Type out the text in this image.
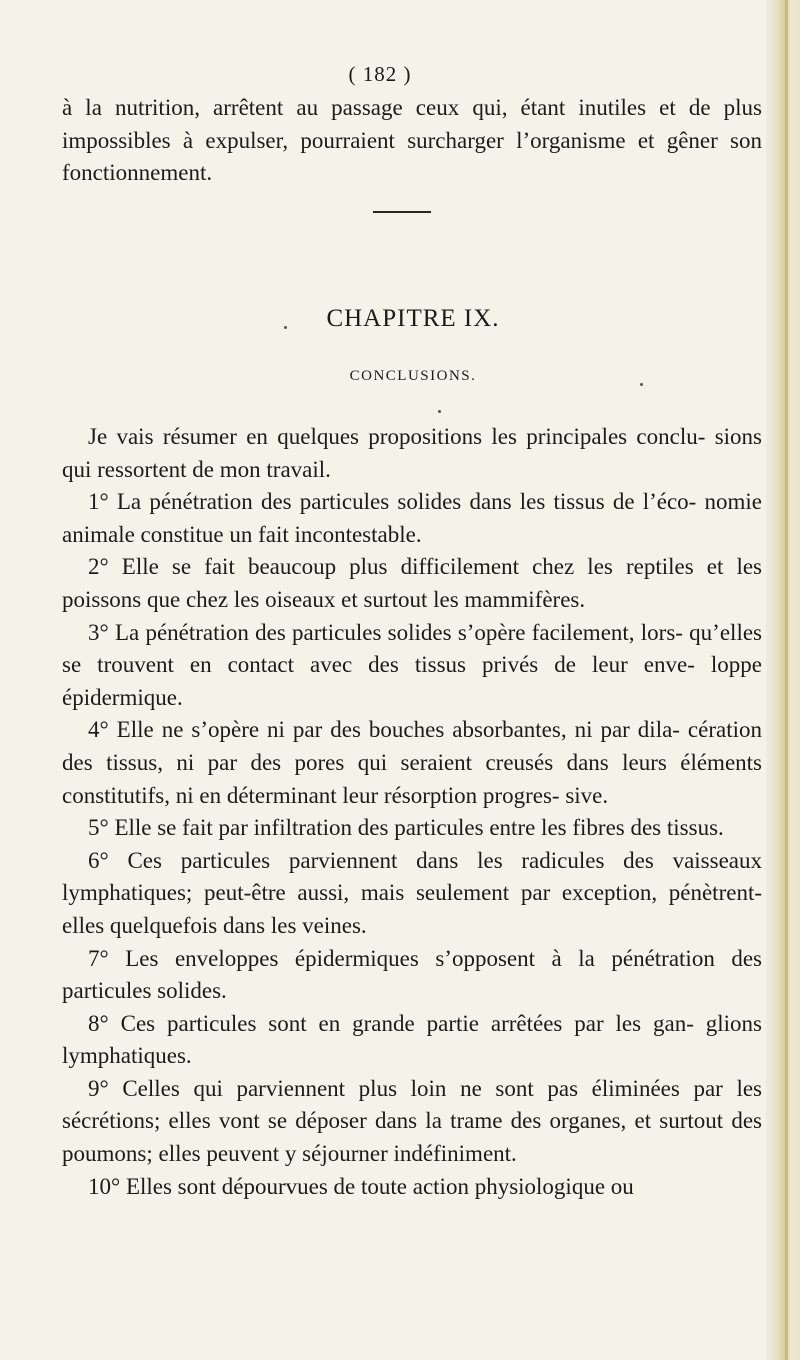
( 182 )

à la nutrition, arrêtent au passage ceux qui, étant inutiles et de plus impossibles à expulser, pourraient surcharger l’organisme et gêner son fonctionnement.

CHAPITRE IX.
CONCLUSIONS.

Je vais résumer en quelques propositions les principales conclu- sions qui ressortent de mon travail.

1° La pénétration des particules solides dans les tissus de l’éco- nomie animale constitue un fait incontestable.

2° Elle se fait beaucoup plus difficilement chez les reptiles et les poissons que chez les oiseaux et surtout les mammifères.

3° La pénétration des particules solides s’opère facilement, lors- qu’elles se trouvent en contact avec des tissus privés de leur enve- loppe épidermique.

4° Elle ne s’opère ni par des bouches absorbantes, ni par dila- cération des tissus, ni par des pores qui seraient creusés dans leurs éléments constitutifs, ni en déterminant leur résorption progres- sive.

5° Elle se fait par infiltration des particules entre les fibres des tissus.

6° Ces particules parviennent dans les radicules des vaisseaux lymphatiques; peut-être aussi, mais seulement par exception, pénètrent-elles quelquefois dans les veines.

7° Les enveloppes épidermiques s’opposent à la pénétration des particules solides.

8° Ces particules sont en grande partie arrêtées par les gan- glions lymphatiques.

9° Celles qui parviennent plus loin ne sont pas éliminées par les sécrétions; elles vont se déposer dans la trame des organes, et surtout des poumons; elles peuvent y séjourner indéfiniment.

10° Elles sont dépourvues de toute action physiologique ou
